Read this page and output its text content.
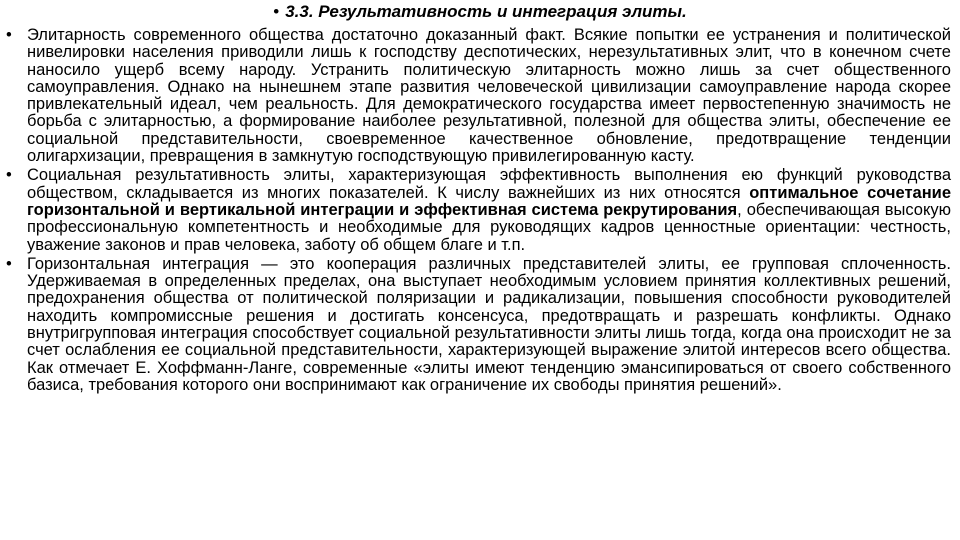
• 3.3. Результативность и интеграция элиты.
• Элитарность современного общества достаточно доказанный факт. Всякие попытки ее устранения и политической нивелировки населения приводили лишь к господству деспотических, нерезультативных элит, что в конечном счете наносило ущерб всему народу. Устранить политическую элитарность можно лишь за счет общественного самоуправления. Однако на нынешнем этапе развития человеческой цивилизации самоуправление народа скорее привлекательный идеал, чем реальность. Для демократического государства имеет первостепенную значимость не борьба с элитарностью, а формирование наиболее результативной, полезной для общества элиты, обеспечение ее социальной представительности, своевременное качественное обновление, предотвращение тенденции олигархизации, превращения в замкнутую господствующую привилегированную касту.
• Социальная результативность элиты, характеризующая эффективность выполнения ею функций руководства обществом, складывается из многих показателей. К числу важнейших из них относятся оптимальное сочетание горизонтальной и вертикальной интеграции и эффективная система рекрутирования, обеспечивающая высокую профессиональную компетентность и необходимые для руководящих кадров ценностные ориентации: честность, уважение законов и прав человека, заботу об общем благе и т.п.
• Горизонтальная интеграция — это кооперация различных представителей элиты, ее групповая сплоченность. Удерживаемая в определенных пределах, она выступает необходимым условием принятия коллективных решений, предохранения общества от политической поляризации и радикализации, повышения способности руководителей находить компромиссные решения и достигать консенсуса, предотвращать и разрешать конфликты. Однако внутригрупповая интеграция способствует социальной результативности элиты лишь тогда, когда она происходит не за счет ослабления ее социальной представительности, характеризующей выражение элитой интересов всего общества. Как отмечает Е. Хоффманн-Ланге, современные «элиты имеют тенденцию эмансипироваться от своего собственного базиса, требования которого они воспринимают как ограничение их свободы принятия решений».
